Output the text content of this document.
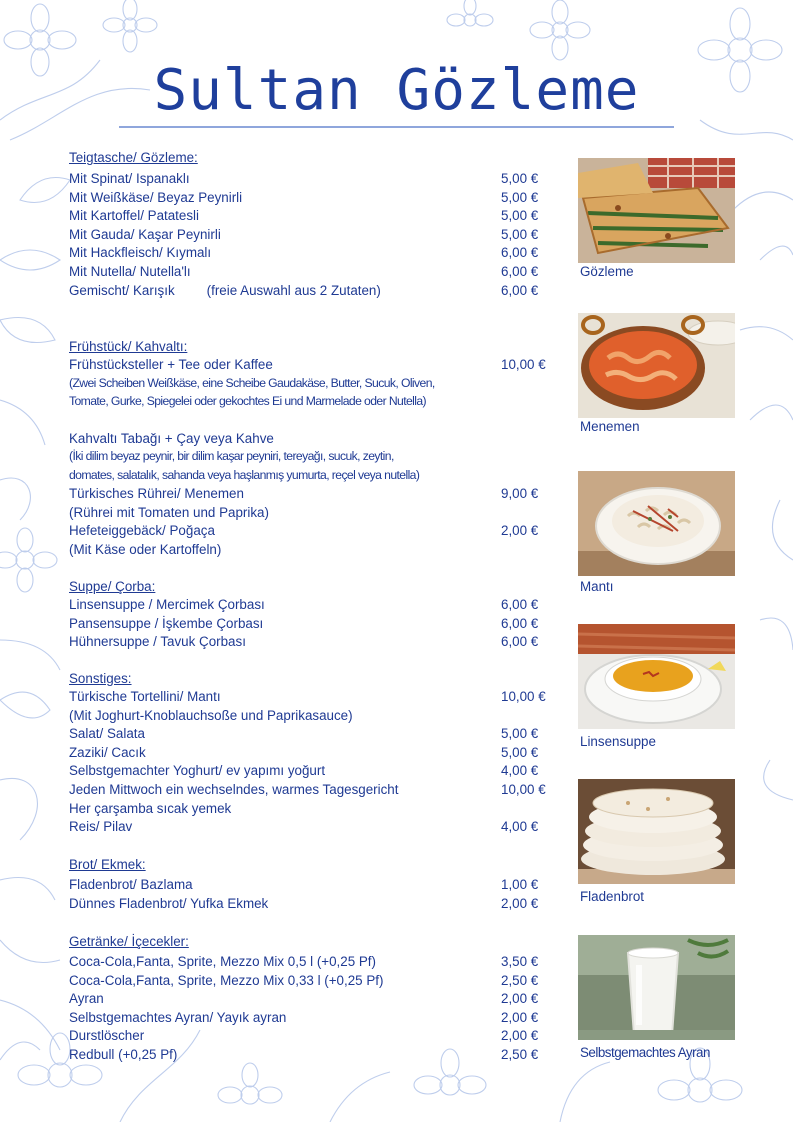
Sultan Gözleme
Teigtasche/ Gözleme:
Mit Spinat/ Ispanaklı	5,00 €
Mit Weißkäse/ Beyaz Peynirli	5,00 €
Mit Kartoffel/ Patatesli	5,00 €
Mit Gauda/ Kaşar Peynirli	5,00 €
Mit Hackfleisch/ Kıymalı	6,00 €
Mit Nutella/ Nutella'lı	6,00 €
Gemischt/ Karışık (freie Auswahl aus 2 Zutaten)	6,00 €
Frühstück/ Kahvaltı:
Frühstücksteller + Tee oder Kaffee	10,00 €
(Zwei Scheiben Weißkäse, eine Scheibe Gaudakäse, Butter, Sucuk, Oliven,
Tomate, Gurke, Spiegelei oder gekochtes Ei und Marmelade oder Nutella)
Kahvaltı Tabağı + Çay veya Kahve
(İki dilim beyaz peynir, bir dilim kaşar peyniri, tereyağı, sucuk, zeytin,
domates, salatalık, sahanda veya haşlanmış yumurta, reçel veya nutella)
Türkisches Rührei/ Menemen	9,00 €
(Rührei mit Tomaten und Paprika)
Hefeteiggebäck/ Poğaça	2,00 €
(Mit Käse oder Kartoffeln)
Suppe/ Çorba:
Linsensuppe / Mercimek Çorbası	6,00 €
Pansensuppe / İşkembe Çorbası	6,00 €
Hühnersuppe / Tavuk Çorbası	6,00 €
Sonstiges:
Türkische Tortellini/ Mantı	10,00 €
(Mit Joghurt-Knoblauchsoße und Paprikasauce)
Salat/ Salata	5,00 €
Zaziki/ Cacık	5,00 €
Selbstgemachter Yoghurt/ ev yapımı yoğurt	4,00 €
Jeden Mittwoch ein wechselndes, warmes Tagesgericht	10,00 €
Her çarşamba sıcak yemek
Reis/ Pilav	4,00 €
Brot/ Ekmek:
Fladenbrot/ Bazlama	1,00 €
Dünnes Fladenbrot/ Yufka Ekmek	2,00 €
Getränke/ İçecekler:
Coca-Cola,Fanta, Sprite, Mezzo Mix 0,5 l (+0,25 Pf)	3,50 €
Coca-Cola,Fanta, Sprite, Mezzo Mix 0,33 l (+0,25 Pf)	2,50 €
Ayran	2,00 €
Selbstgemachtes Ayran/ Yayık ayran	2,00 €
Durstlöscher	2,00 €
Redbull (+0,25 Pf)	2,50 €
Gözleme
Menemen
Mantı
Linsensuppe
Fladenbrot
Selbstgemachtes Ayran
